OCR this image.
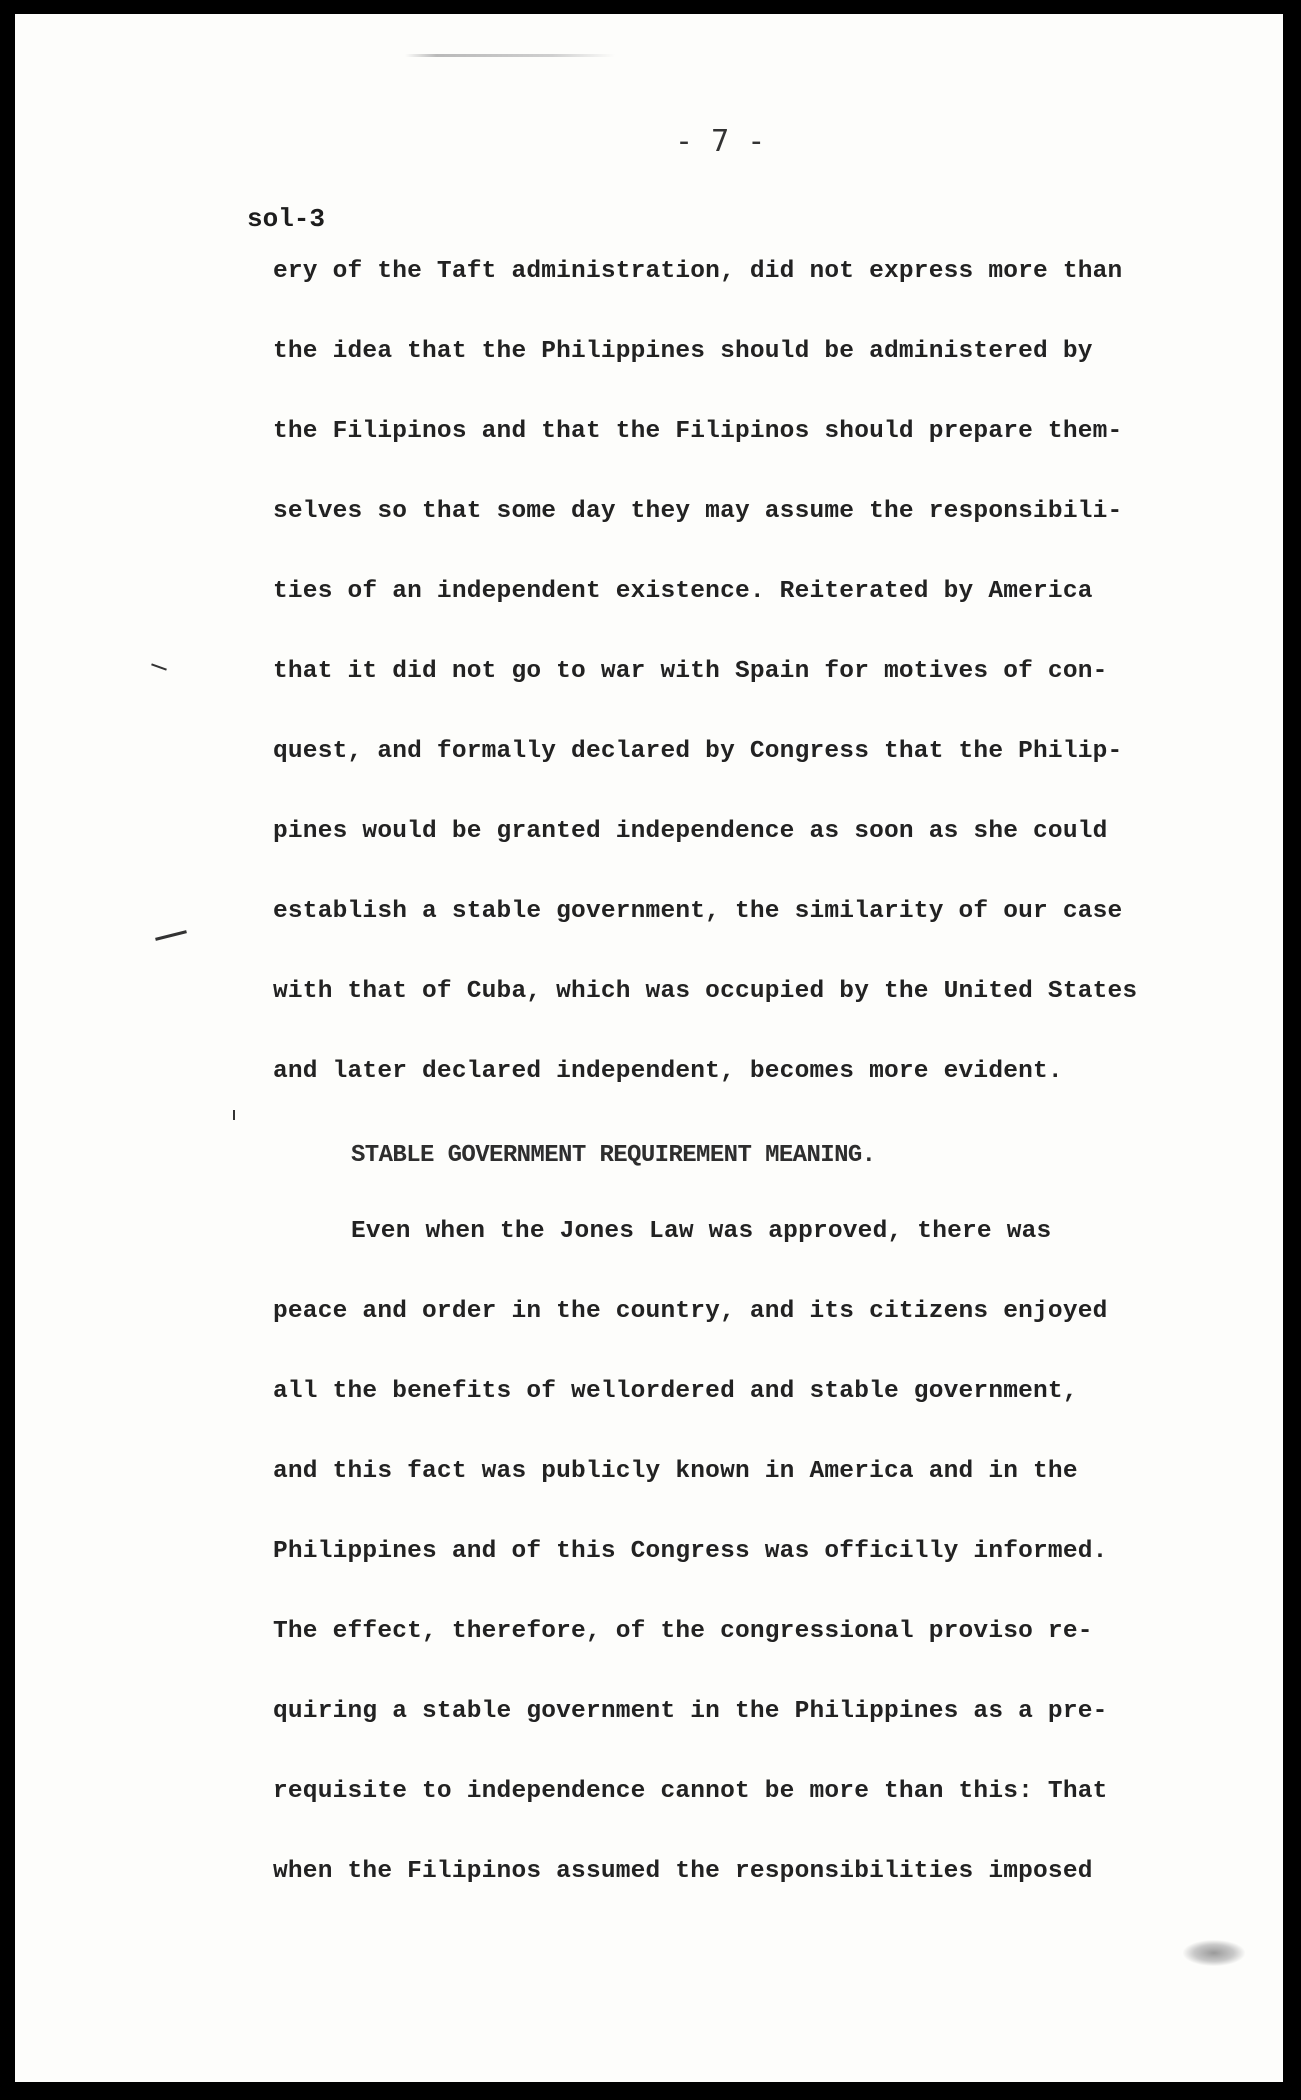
- 7 -

sol-3

ery of the Taft administration, did not express more than

the idea that the Philippines should be administered by

the Filipinos and that the Filipinos should prepare them-

selves so that some day they may assume the responsibili-

ties of an independent existence. Reiterated by America

that it did not go to war with Spain for motives of con-

quest, and formally declared by Congress that the Philip-

pines would be granted independence as soon as she could

establish a stable government, the similarity of our case

with that of Cuba, which was occupied by the United States

and later declared independent, becomes more evident.

STABLE GOVERNMENT REQUIREMENT MEANING.

Even when the Jones Law was approved, there was

peace and order in the country, and its citizens enjoyed

all the benefits of wellordered and stable government,

and this fact was publicly known in America and in the

Philippines and of this Congress was officilly informed.

The effect, therefore, of the congressional proviso re-

quiring a stable government in the Philippines as a pre-

requisite to independence cannot be more than this: That

when the Filipinos assumed the responsibilities imposed
